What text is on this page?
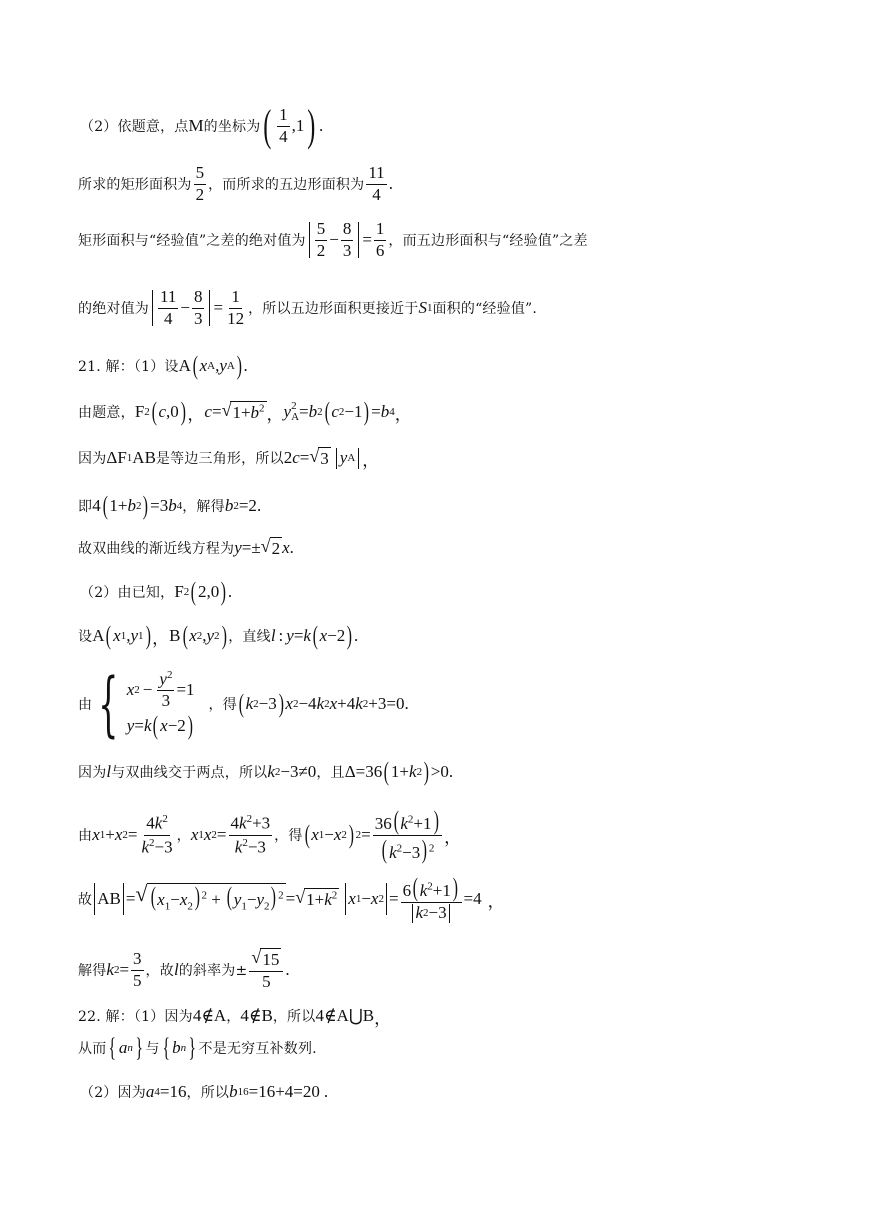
（2）依题意，点 M 的坐标为 ( $\frac{1}{4} ,1$ ) .
所求的矩形面积为 $\frac{5}{2}$ ，而所求的五边形面积为 $\frac{11}{4}$ .
矩形面积与“经验值”之差的绝对值为 $\frac{5}{2} - \frac{8}{3} = \frac{1}{6}$ ，而五边形面积与“经验值”之差
的绝对值为 $\frac{11}{4} - \frac{8}{3} = \frac{1}{12}$ ，所以五边形面积更接近于 S 1 面积的“经验值”.
21. 解：（1）设 A ( x A , y A ) .
由题意， F 2 ( c ,0 ) ， c = √ $1+b^2$ ， y 2
A = b 2 ( c 2 −1 ) = b 4 ，
因为 ΔF 1 AB 是等边三角形，所以 2 c = √ 3 y A ，
即 4 ( 1+ b 2 ) =3 b 4 ，解得 b 2 =2 .
故双曲线的渐近线方程为 y =± √ 2 x .
（2）由已知， F 2 ( 2,0 ) .
设 A ( x 1 , y 1 ) ， B ( x 2 , y 2 ) ，直线 l : y = k ( x −2 ) .
由 { x $2 - \frac{y^2}{3} =1$
y = k ( x −2 )
，得 ( k 2 −3 ) x 2 −4 k 2 x +4 k 2 +3=0 .
因为 l 与双曲线交于两点，所以 k 2 −3≠0 ，且 Δ=36 ( 1+ k 2 ) >0 .
由 x 1 + x $2 = \frac{4k^2}{k^2-3}$ ， x 1 x $2 = \frac{4k^2+3}{k^2-3}$ ，得 ( x 1 − x 2 ) $2 = \frac{36( k^2+1)}{( k^2-3) ^2}$ ，
故 AB = √ ( $x_1-x_2$) $^2$ + ( $y_1-y_2$) $^2$ = √ $1+k^2$ x 1 − x $2 = \frac{6( k^2+1)}{k 2 -3} =4$ ，
解得 k $2 = \frac{3}{5}$ ，故 l 的斜率为± $\frac{√ 15}{5}$ .
22. 解：（1）因为 4 ∉A ， 4 ∉B ，所以 4 ∉A⋃B ，
从而 { a n } 与 { b n } 不是无穷互补数列.
（2）因为 a 4 =16 ，所以 b 16 =16+4=20 .
